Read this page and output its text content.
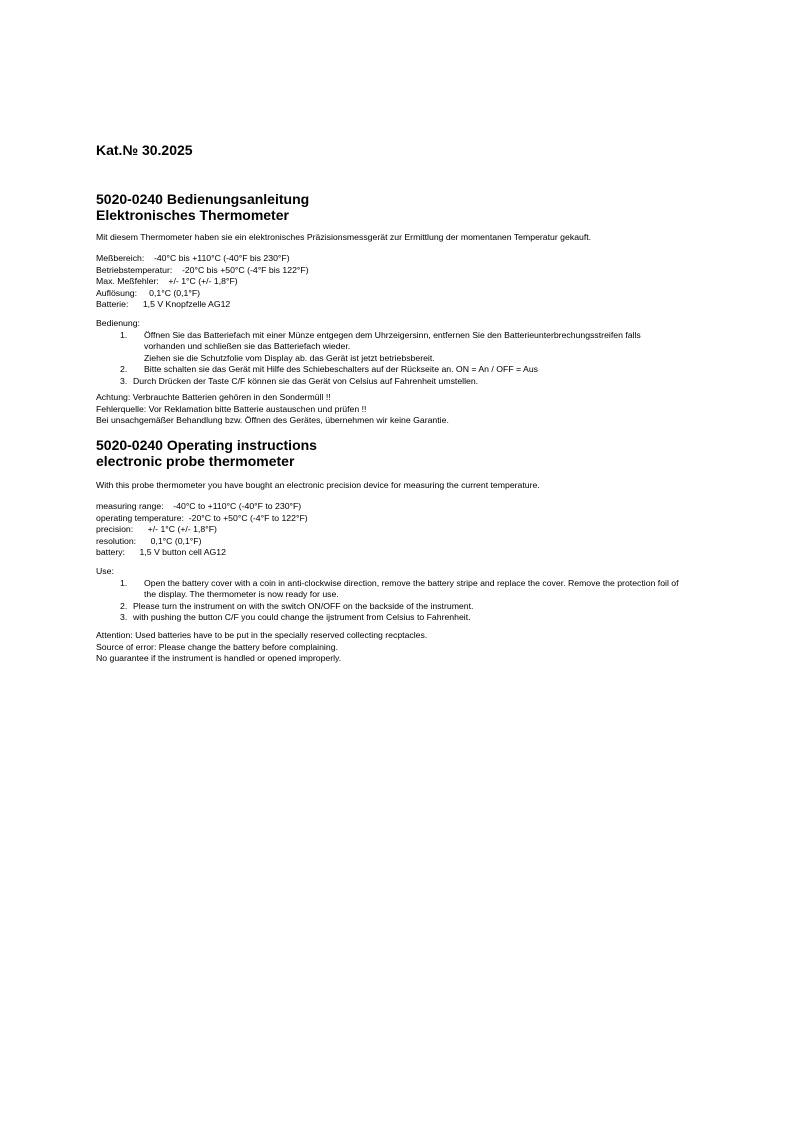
Kat.№ 30.2025
5020-0240 Bedienungsanleitung
Elektronisches Thermometer
Mit diesem Thermometer haben sie ein elektronisches Präzisionsmessgerät zur Ermittlung der momentanen Temperatur gekauft.
Meßbereich: -40°C bis +110°C (-40°F bis 230°F)
Betriebstemperatur: -20°C bis +50°C (-4°F bis 122°F)
Max. Meßfehler: +/- 1°C (+/- 1,8°F)
Auflösung: 0,1°C (0,1°F)
Batterie: 1,5 V Knopfzelle AG12
Bedienung:
1. Öffnen Sie das Batteriefach mit einer Münze entgegen dem Uhrzeigersinn, entfernen Sie den Batterieunterbrechungsstreifen falls
vorhanden und schließen sie das Batteriefach wieder.
Ziehen sie die Schutzfolie vom Display ab. das Gerät ist jetzt betriebsbereit.
2. Bitte schalten sie das Gerät mit Hilfe des Schiebeschalters auf der Rückseite an. ON = An / OFF = Aus
3. Durch Drücken der Taste C/F können sie das Gerät von Celsius auf Fahrenheit umstellen.
Achtung: Verbrauchte Batterien gehören in den Sondermüll !!
Fehlerquelle: Vor Reklamation bitte Batterie austauschen und prüfen !!
Bei unsachgemäßer Behandlung bzw. Öffnen des Gerätes, übernehmen wir keine Garantie.
5020-0240 Operating instructions
electronic probe thermometer
With this probe thermometer you have bought an electronic precision device for measuring the current temperature.
measuring range: -40°C to +110°C (-40°F to 230°F)
operating temperature: -20°C to +50°C (-4°F to 122°F)
precision: +/- 1°C (+/- 1,8°F)
resolution: 0,1°C (0,1°F)
battery: 1,5 V button cell AG12
Use:
1. Open the battery cover with a coin in anti-clockwise direction, remove the battery stripe and replace the cover. Remove the protection foil of
the display. The thermometer is now ready for use.
2. Please turn the instrument on with the switch ON/OFF on the backside of the instrument.
3. with pushing the button C/F you could change the ijstrument from Celsius to Fahrenheit.
Attention: Used batteries have to be put in the specially reserved collecting recptacles.
Source of error: Please change the battery before complaining.
No guarantee if the instrument is handled or opened improperly.
